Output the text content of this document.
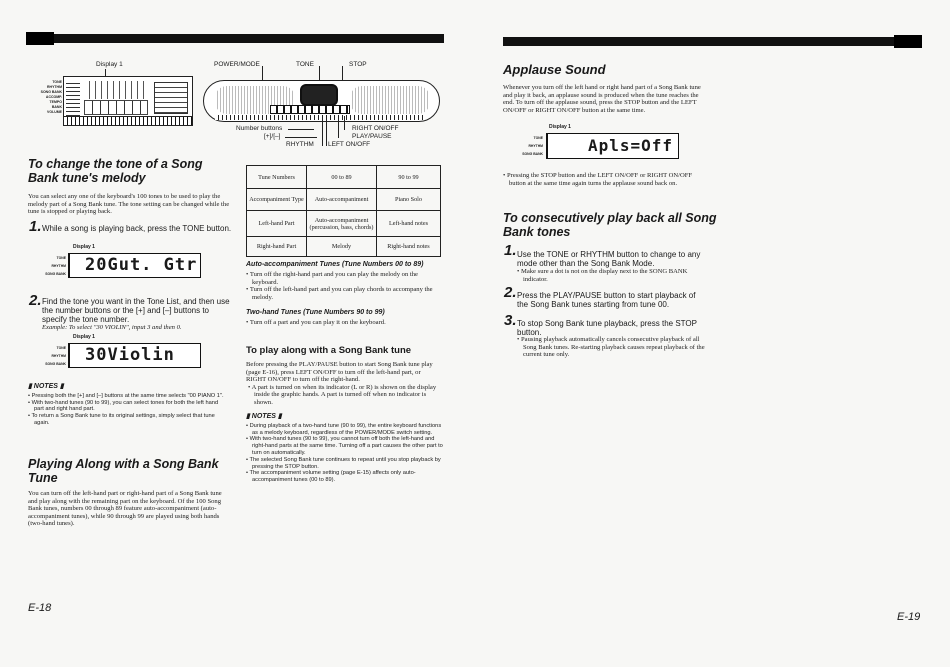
Display 1
TONE
RHYTHM
SONG BANK
ACCOMP.
TEMPO
BANK VOLUME
POWER/MODE	TONE	STOP
Number buttons
[+]/[–]
RHYTHM LEFT ON/OFF
RIGHT ON/OFF
PLAY/PAUSE
To change the tone of a Song Bank tune's melody
You can select any one of the keyboard's 100 tones to be used to play the melody part of a Song Bank tune. The tone setting can be changed while the tune is stopped or playing back.
1. While a song is playing back, press the TONE button.
Display 1
TONE
RHYTHM
SONG BANK 20Gut. Gtr
2. Find the tone you want in the Tone List, and then use the number buttons or the [+] and [–] buttons to specify the tone number.
Example: To select "30 VIOLIN", input 3 and then 0.
Display 1
TONE
RHYTHM
SONG BANK 30Violin
▮ NOTES ▮
• Pressing both the [+] and [–] buttons at the same time selects "00 PIANO 1".
• With two-hand tunes (90 to 99), you can select tones for both the left hand part and right hand part.
• To return a Song Bank tune to its original settings, simply select that tune again.
Playing Along with a Song Bank Tune
You can turn off the left-hand part or right-hand part of a Song Bank tune and play along with the remaining part on the keyboard. Of the 100 Song Bank tunes, numbers 00 through 89 feature auto-accompaniment (auto-accompaniment tunes), while 90 through 99 are played using both hands (two-hand tunes).
E-18
Tune Numbers	00 to 89	90 to 99
Accompaniment Type	Auto-accompaniment	Piano Solo
Left-hand Part	Auto-accompaniment (percussion, bass, chords)	Left-hand notes
Right-hand Part	Melody	Right-hand notes
Auto-accompaniment Tunes (Tune Numbers 00 to 89)
• Turn off the right-hand part and you can play the melody on the keyboard.
• Turn off the left-hand part and you can play chords to accompany the melody.
Two-hand Tunes (Tune Numbers 90 to 99)
• Turn off a part and you can play it on the keyboard.
To play along with a Song Bank tune
Before pressing the PLAY/PAUSE button to start Song Bank tune play (page E-16), press LEFT ON/OFF to turn off the left-hand part, or RIGHT ON/OFF to turn off the right-hand.
• A part is turned on when its indicator (L or R) is shown on the display inside the graphic hands. A part is turned off when no indicator is shown.
▮ NOTES ▮
• During playback of a two-hand tune (90 to 99), the entire keyboard functions as a melody keyboard, regardless of the POWER/MODE switch setting.
• With two-hand tunes (90 to 99), you cannot turn off both the left-hand and right-hand parts at the same time. Turning off a part causes the other part to turn on automatically.
• The selected Song Bank tune continues to repeat until you stop playback by pressing the STOP button.
• The accompaniment volume setting (page E-15) affects only auto-accompaniment tunes (00 to 89).
Applause Sound
Whenever you turn off the left hand or right hand part of a Song Bank tune and play it back, an applause sound is produced when the tune reaches the end. To turn off the applause sound, press the STOP button and the LEFT ON/OFF or RIGHT ON/OFF button at the same time.
Display 1
TONE
RHYTHM
SONG BANK	Apls=Off
• Pressing the STOP button and the LEFT ON/OFF or RIGHT ON/OFF button at the same time again turns the applause sound back on.
To consecutively play back all Song Bank tones
1. Use the TONE or RHYTHM button to change to any mode other than the Song Bank Mode.
• Make sure a dot is not on the display next to the SONG BANK indicator.
2. Press the PLAY/PAUSE button to start playback of the Song Bank tunes starting from tune 00.
3. To stop Song Bank tune playback, press the STOP button.
• Pausing playback automatically cancels consecutive playback of all Song Bank tunes. Re-starting playback causes repeat playback of the current tune only.
E-19
